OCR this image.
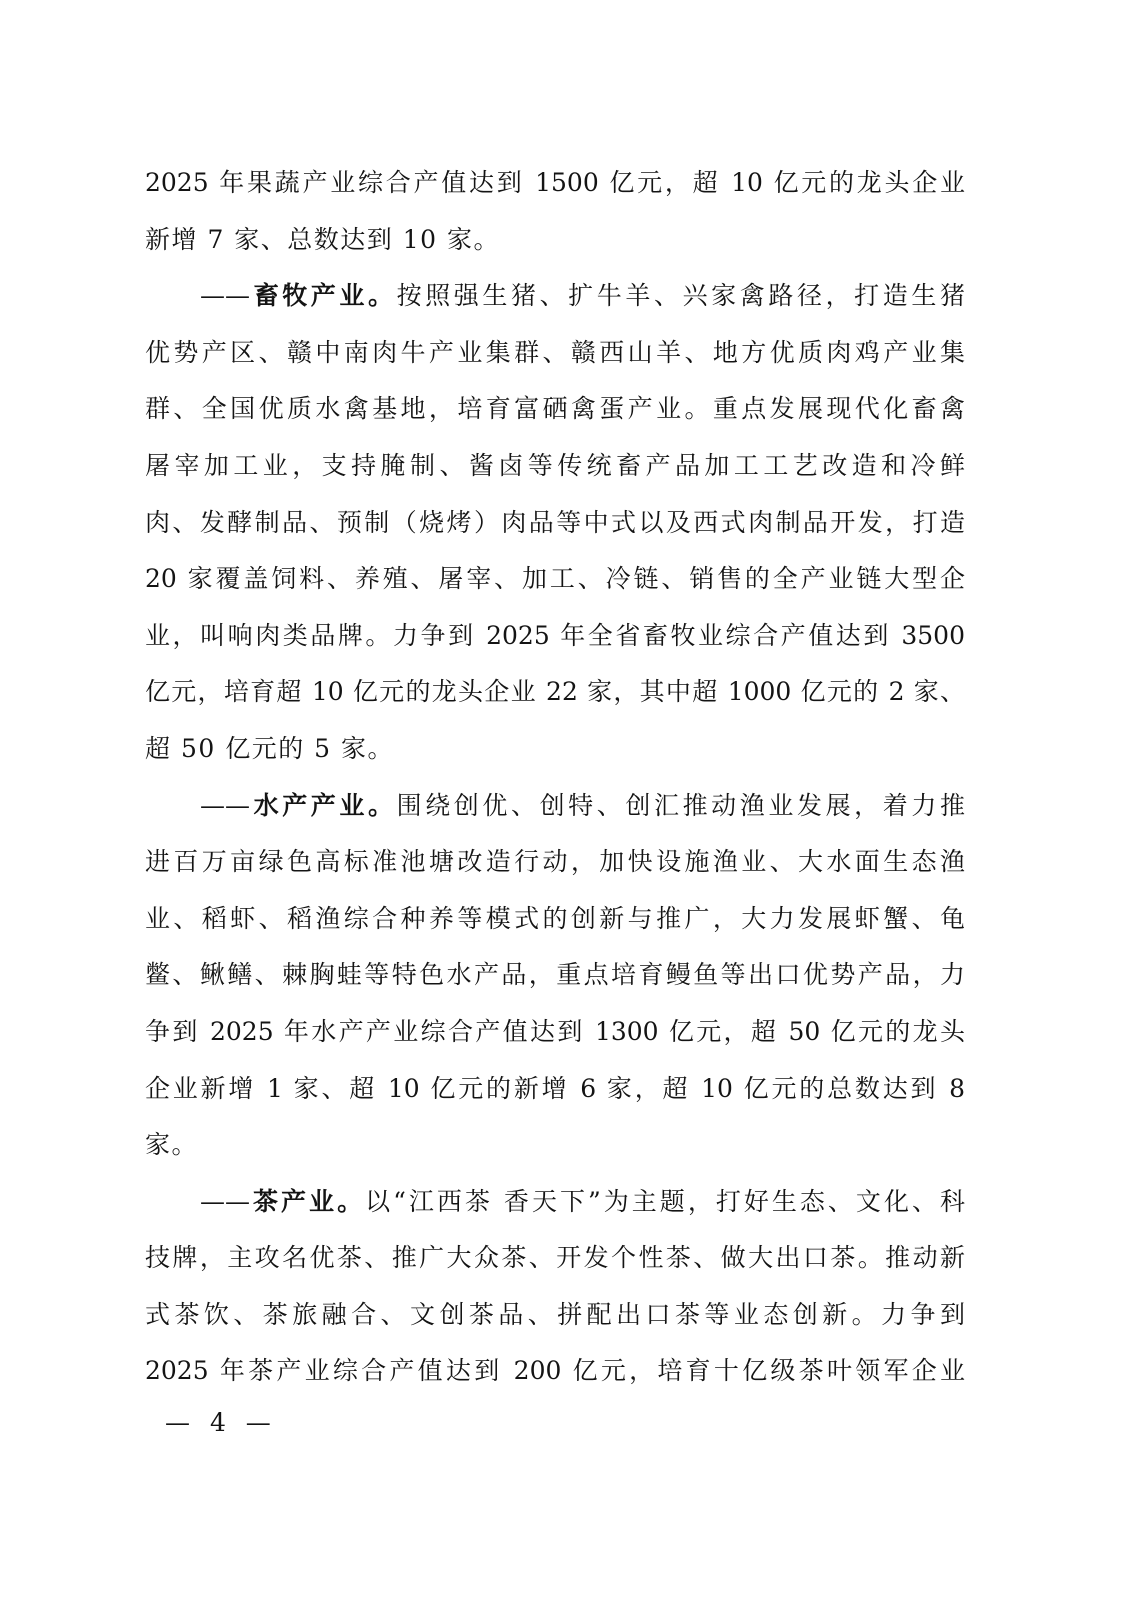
2025 年果蔬产业综合产值达到 1500 亿元，超 10 亿元的龙头企业
新增 7 家、总数达到 10 家。
——畜牧产业。按照强生猪、扩牛羊、兴家禽路径，打造生猪
优势产区、赣中南肉牛产业集群、赣西山羊、地方优质肉鸡产业集
群、全国优质水禽基地，培育富硒禽蛋产业。重点发展现代化畜禽
屠宰加工业，支持腌制、酱卤等传统畜产品加工工艺改造和冷鲜
肉、发酵制品、预制（烧烤）肉品等中式以及西式肉制品开发，打造
20 家覆盖饲料、养殖、屠宰、加工、冷链、销售的全产业链大型企
业，叫响肉类品牌。力争到 2025 年全省畜牧业综合产值达到 3500
亿元，培育超 10 亿元的龙头企业 22 家，其中超 1000 亿元的 2 家、
超 50 亿元的 5 家。
——水产产业。围绕创优、创特、创汇推动渔业发展，着力推
进百万亩绿色高标准池塘改造行动，加快设施渔业、大水面生态渔
业、稻虾、稻渔综合种养等模式的创新与推广，大力发展虾蟹、龟
鳖、鳅鳝、棘胸蛙等特色水产品，重点培育鳗鱼等出口优势产品，力
争到 2025 年水产产业综合产值达到 1300 亿元，超 50 亿元的龙头
企业新增 1 家、超 10 亿元的新增 6 家，超 10 亿元的总数达到 8
家。
——茶产业。以“江西茶 香天下”为主题，打好生态、文化、科
技牌，主攻名优茶、推广大众茶、开发个性茶、做大出口茶。推动新
式茶饮、茶旅融合、文创茶品、拼配出口茶等业态创新。力争到
2025 年茶产业综合产值达到 200 亿元，培育十亿级茶叶领军企业
— 4 —
